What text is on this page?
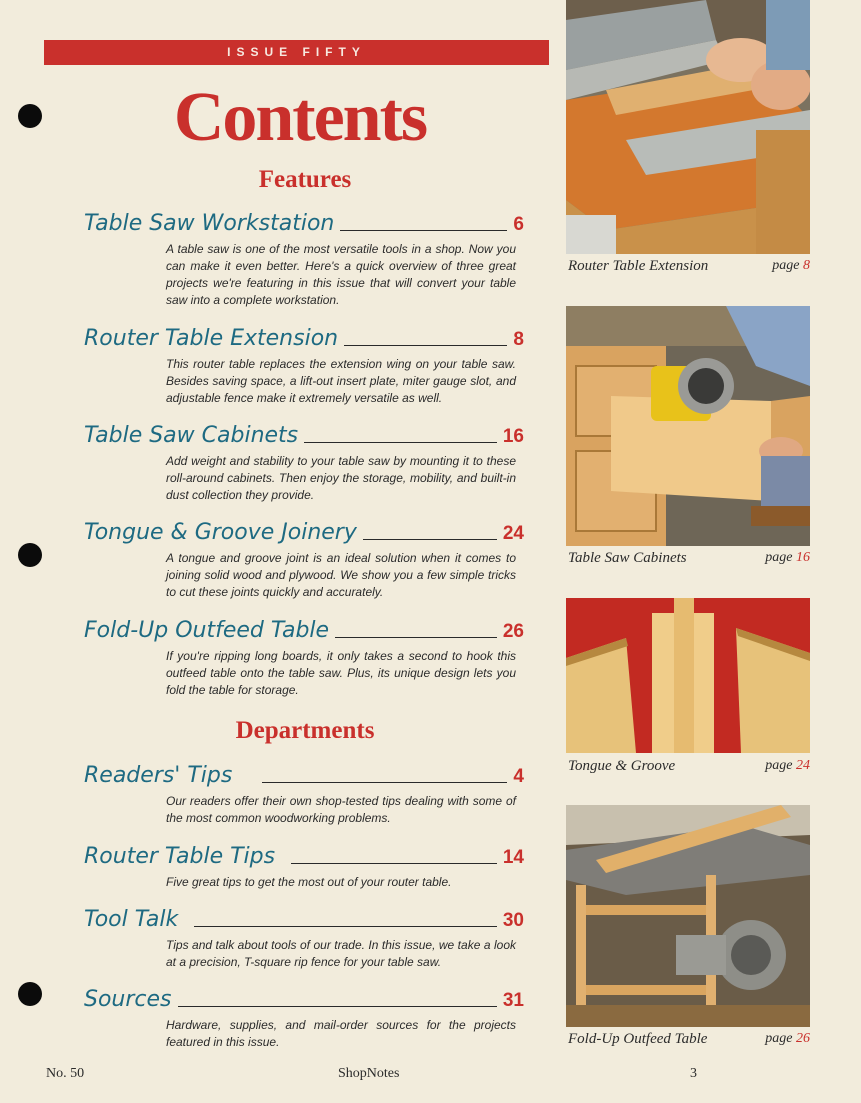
ISSUE FIFTY
Contents
Features
Table Saw Workstation	6
A table saw is one of the most versatile tools in a shop. Now you can make it even better. Here's a quick overview of three great projects we're featuring in this issue that will convert your table saw into a complete workstation.
Router Table Extension	8
This router table replaces the extension wing on your table saw. Besides saving space, a lift-out insert plate, miter gauge slot, and adjustable fence make it extremely versatile as well.
Table Saw Cabinets	16
Add weight and stability to your table saw by mounting it to these roll-around cabinets. Then enjoy the storage, mobility, and built-in dust collection they provide.
Tongue & Groove Joinery	24
A tongue and groove joint is an ideal solution when it comes to joining solid wood and plywood. We show you a few simple tricks to cut these joints quickly and accurately.
Fold-Up Outfeed Table	26
If you're ripping long boards, it only takes a second to hook this outfeed table onto the table saw. Plus, its unique design lets you fold the table for storage.
Departments
Readers' Tips	4
Our readers offer their own shop-tested tips dealing with some of the most common woodworking problems.
Router Table Tips	14
Five great tips to get the most out of your router table.
Tool Talk	30
Tips and talk about tools of our trade. In this issue, we take a look at a precision, T-square rip fence for your table saw.
Sources	31
Hardware, supplies, and mail-order sources for the projects featured in this issue.
Router Table Extension	page 8
Table Saw Cabinets	page 16
Tongue & Groove	page 24
Fold-Up Outfeed Table	page 26
No. 50	ShopNotes	3
